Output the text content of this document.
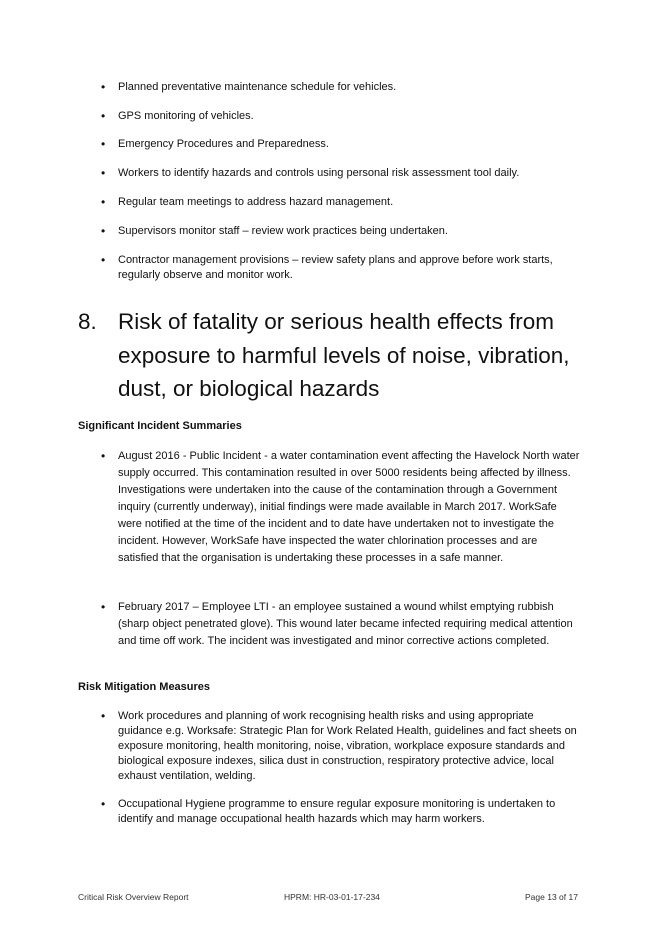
• Planned preventative maintenance schedule for vehicles.
• GPS monitoring of vehicles.
• Emergency Procedures and Preparedness.
• Workers to identify hazards and controls using personal risk assessment tool daily.
• Regular team meetings to address hazard management.
• Supervisors monitor staff – review work practices being undertaken.
• Contractor management provisions – review safety plans and approve before work starts, regularly observe and monitor work.
8. Risk of fatality or serious health effects from exposure to harmful levels of noise, vibration, dust, or biological hazards
Significant Incident Summaries
• August 2016 - Public Incident - a water contamination event affecting the Havelock North water supply occurred. This contamination resulted in over 5000 residents being affected by illness. Investigations were undertaken into the cause of the contamination through a Government inquiry (currently underway), initial findings were made available in March 2017. WorkSafe were notified at the time of the incident and to date have undertaken not to investigate the incident. However, WorkSafe have inspected the water chlorination processes and are satisfied that the organisation is undertaking these processes in a safe manner.
• February 2017 – Employee LTI - an employee sustained a wound whilst emptying rubbish (sharp object penetrated glove). This wound later became infected requiring medical attention and time off work. The incident was investigated and minor corrective actions completed.
Risk Mitigation Measures
• Work procedures and planning of work recognising health risks and using appropriate guidance e.g. Worksafe: Strategic Plan for Work Related Health, guidelines and fact sheets on exposure monitoring, health monitoring, noise, vibration, workplace exposure standards and biological exposure indexes, silica dust in construction, respiratory protective advice, local exhaust ventilation, welding.
• Occupational Hygiene programme to ensure regular exposure monitoring is undertaken to identify and manage occupational health hazards which may harm workers.
Critical Risk Overview Report	HPRM: HR-03-01-17-234	Page 13 of 17
